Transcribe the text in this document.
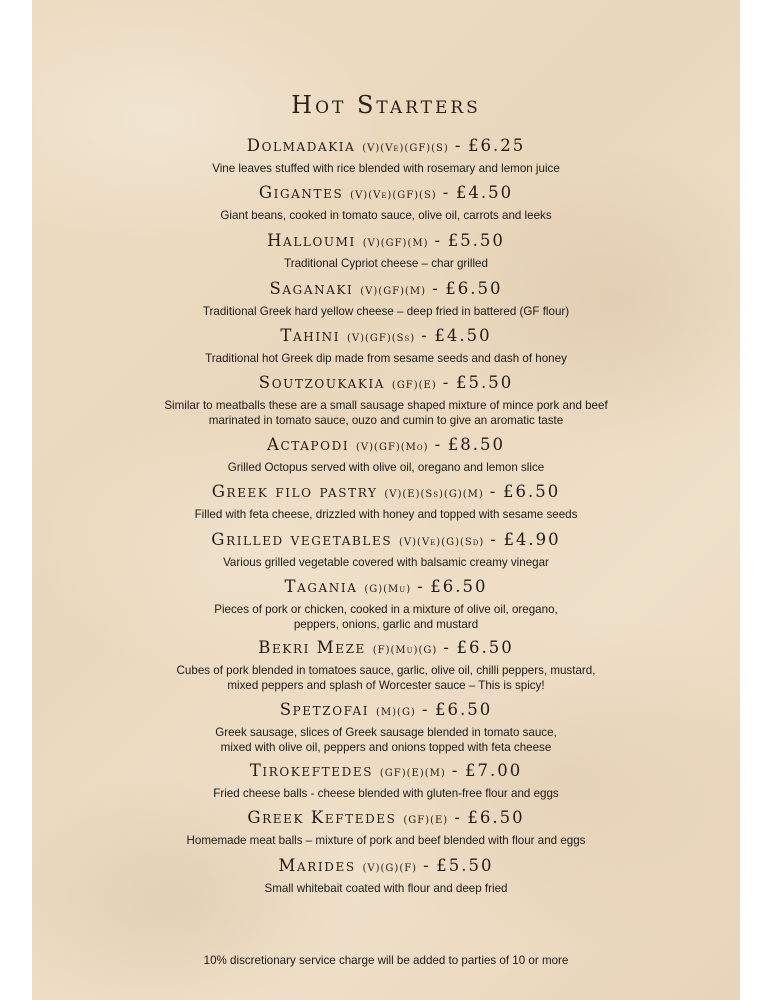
Hot Starters
Dolmadakia (V)(Ve)(GF)(S) - £6.25
Vine leaves stuffed with rice blended with rosemary and lemon juice
Gigantes (V)(Ve)(GF)(S) - £4.50
Giant beans, cooked in tomato sauce, olive oil, carrots and leeks
Halloumi (V)(GF)(M) - £5.50
Traditional Cypriot cheese – char grilled
Saganaki (V)(GF)(M) - £6.50
Traditional Greek hard yellow cheese – deep fried in battered (GF flour)
Tahini (V)(GF)(Ss) - £4.50
Traditional hot Greek dip made from sesame seeds and dash of honey
Soutzoukakia (GF)(E) - £5.50
Similar to meatballs these are a small sausage shaped mixture of mince pork and beef
marinated in tomato sauce, ouzo and cumin to give an aromatic taste
Actapodi (V)(GF)(Mo) - £8.50
Grilled Octopus served with olive oil, oregano and lemon slice
Greek filo pastry (V)(E)(Ss)(G)(M) - £6.50
Filled with feta cheese, drizzled with honey and topped with sesame seeds
Grilled vegetables (V)(Ve)(G)(Sd) - £4.90
Various grilled vegetable covered with balsamic creamy vinegar
Tagania (G)(Mu) - £6.50
Pieces of pork or chicken, cooked in a mixture of olive oil, oregano,
peppers, onions, garlic and mustard
Bekri Meze (F)(Mu)(G) - £6.50
Cubes of pork blended in tomatoes sauce, garlic, olive oil, chilli peppers, mustard,
mixed peppers and splash of Worcester sauce – This is spicy!
Spetzofai (M)(G) - £6.50
Greek sausage, slices of Greek sausage blended in tomato sauce,
mixed with olive oil, peppers and onions topped with feta cheese
Tirokeftedes (GF)(E)(M) - £7.00
Fried cheese balls - cheese blended with gluten-free flour and eggs
Greek Keftedes (GF)(E) - £6.50
Homemade meat balls – mixture of pork and beef blended with flour and eggs
Marides (V)(G)(F) - £5.50
Small whitebait coated with flour and deep fried
10% discretionary service charge will be added to parties of 10 or more
